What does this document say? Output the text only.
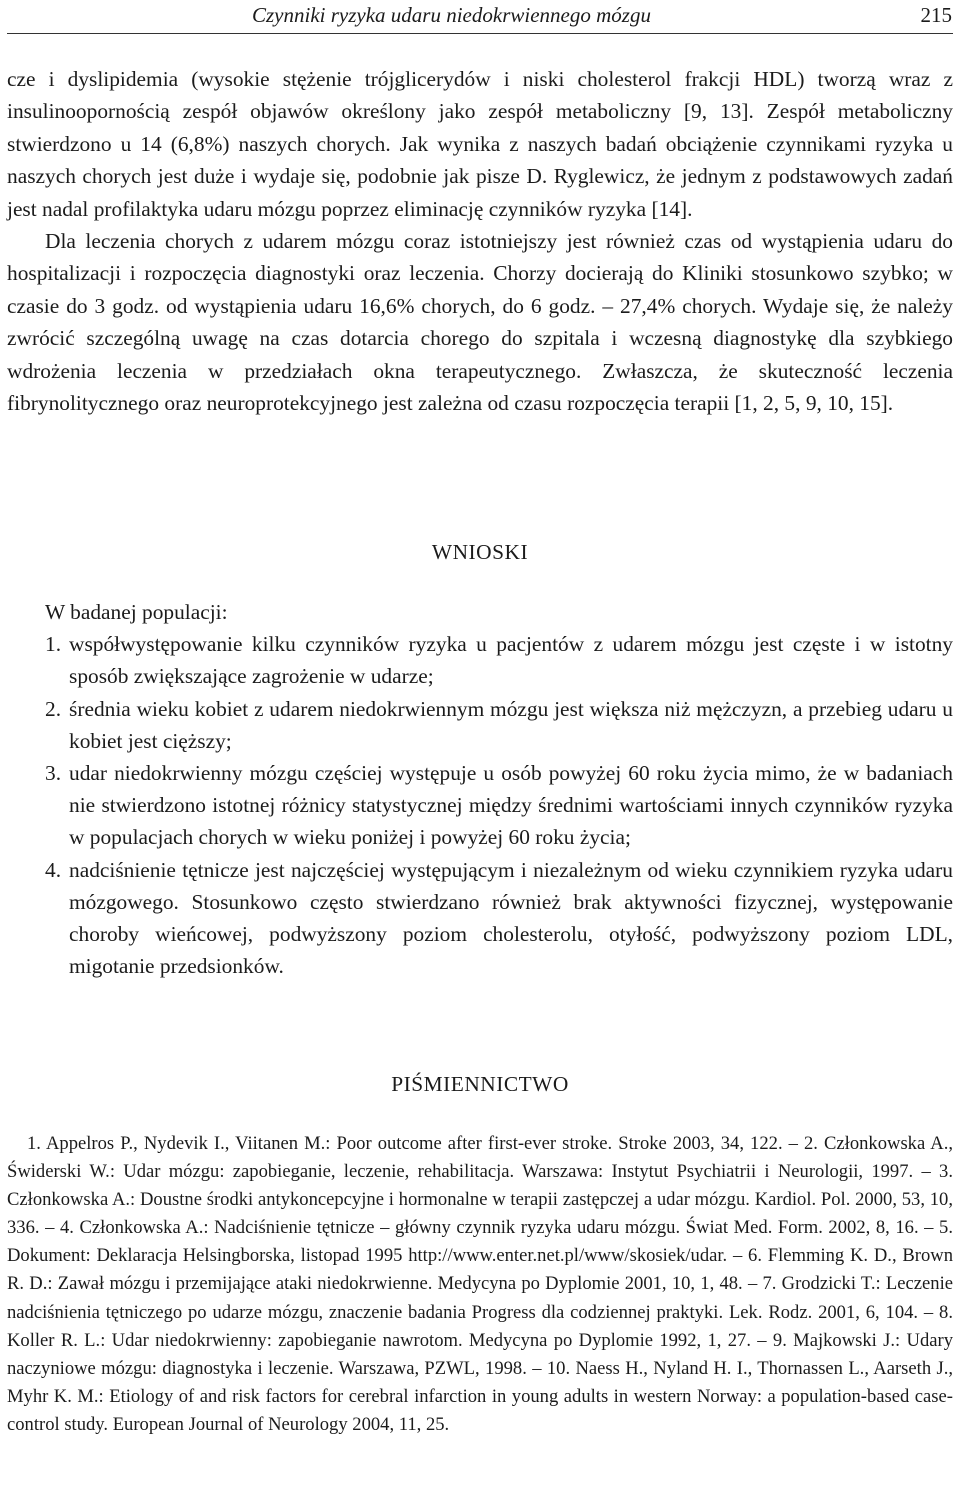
Czynniki ryzyka udaru niedokrwiennego mózgu	215

cze i dyslipidemia (wysokie stężenie trójglicerydów i niski cholesterol frakcji HDL) tworzą wraz z insulinoopornością zespół objawów określony jako zespół metaboliczny [9, 13]. Zespół metaboliczny stwierdzono u 14 (6,8%) naszych chorych. Jak wynika z naszych badań obciążenie czynnikami ryzyka u naszych chorych jest duże i wydaje się, podobnie jak pisze D. Ryglewicz, że jednym z podstawowych zadań jest nadal profilaktyka udaru mózgu poprzez eliminację czynników ryzyka [14].

Dla leczenia chorych z udarem mózgu coraz istotniejszy jest również czas od wystąpienia udaru do hospitalizacji i rozpoczęcia diagnostyki oraz leczenia. Chorzy docierają do Kliniki stosunkowo szybko; w czasie do 3 godz. od wystąpienia udaru 16,6% chorych, do 6 godz. – 27,4% chorych. Wydaje się, że należy zwrócić szczególną uwagę na czas dotarcia chorego do szpitala i wczesną diagnostykę dla szybkiego wdrożenia leczenia w przedziałach okna terapeutycznego. Zwłaszcza, że skuteczność leczenia fibrynolitycznego oraz neuroprotekcyjnego jest zależna od czasu rozpoczęcia terapii [1, 2, 5, 9, 10, 15].

WNIOSKI

W badanej populacji:

1. współwystępowanie kilku czynników ryzyka u pacjentów z udarem mózgu jest częste i w istotny sposób zwiększające zagrożenie w udarze;
2. średnia wieku kobiet z udarem niedokrwiennym mózgu jest większa niż mężczyzn, a przebieg udaru u kobiet jest cięższy;
3. udar niedokrwienny mózgu częściej występuje u osób powyżej 60 roku życia mimo, że w badaniach nie stwierdzono istotnej różnicy statystycznej między średnimi wartościami innych czynników ryzyka w populacjach chorych w wieku poniżej i powyżej 60 roku życia;
4. nadciśnienie tętnicze jest najczęściej występującym i niezależnym od wieku czynnikiem ryzyka udaru mózgowego. Stosunkowo często stwierdzano również brak aktywności fizycznej, występowanie choroby wieńcowej, podwyższony poziom cholesterolu, otyłość, podwyższony poziom LDL, migotanie przedsionków.
PIŚMIENNICTWO

1. Appelros P., Nydevik I., Viitanen M.: Poor outcome after first-ever stroke. Stroke 2003, 34, 122. – 2. Członkowska A., Świderski W.: Udar mózgu: zapobieganie, leczenie, rehabilitacja. Warszawa: Instytut Psychiatrii i Neurologii, 1997. – 3. Członkowska A.: Doustne środki antykoncepcyjne i hormonalne w terapii zastępczej a udar mózgu. Kardiol. Pol. 2000, 53, 10, 336. – 4. Członkowska A.: Nadciśnienie tętnicze – główny czynnik ryzyka udaru mózgu. Świat Med. Form. 2002, 8, 16. – 5. Dokument: Deklaracja Helsingborska, listopad 1995 http://www.enter.net.pl/www/skosiek/udar. – 6. Flemming K. D., Brown R. D.: Zawał mózgu i przemijające ataki niedokrwienne. Medycyna po Dyplomie 2001, 10, 1, 48. – 7. Grodzicki T.: Leczenie nadciśnienia tętniczego po udarze mózgu, znaczenie badania Progress dla codziennej praktyki. Lek. Rodz. 2001, 6, 104. – 8. Koller R. L.: Udar niedokrwienny: zapobieganie nawrotom. Medycyna po Dyplomie 1992, 1, 27. – 9. Majkowski J.: Udary naczyniowe mózgu: diagnostyka i leczenie. Warszawa, PZWL, 1998. – 10. Naess H., Nyland H. I., Thornassen L., Aarseth J., Myhr K. M.: Etiology of and risk factors for cerebral infarction in young adults in western Norway: a population-based case-control study. European Journal of Neurology 2004, 11, 25.
